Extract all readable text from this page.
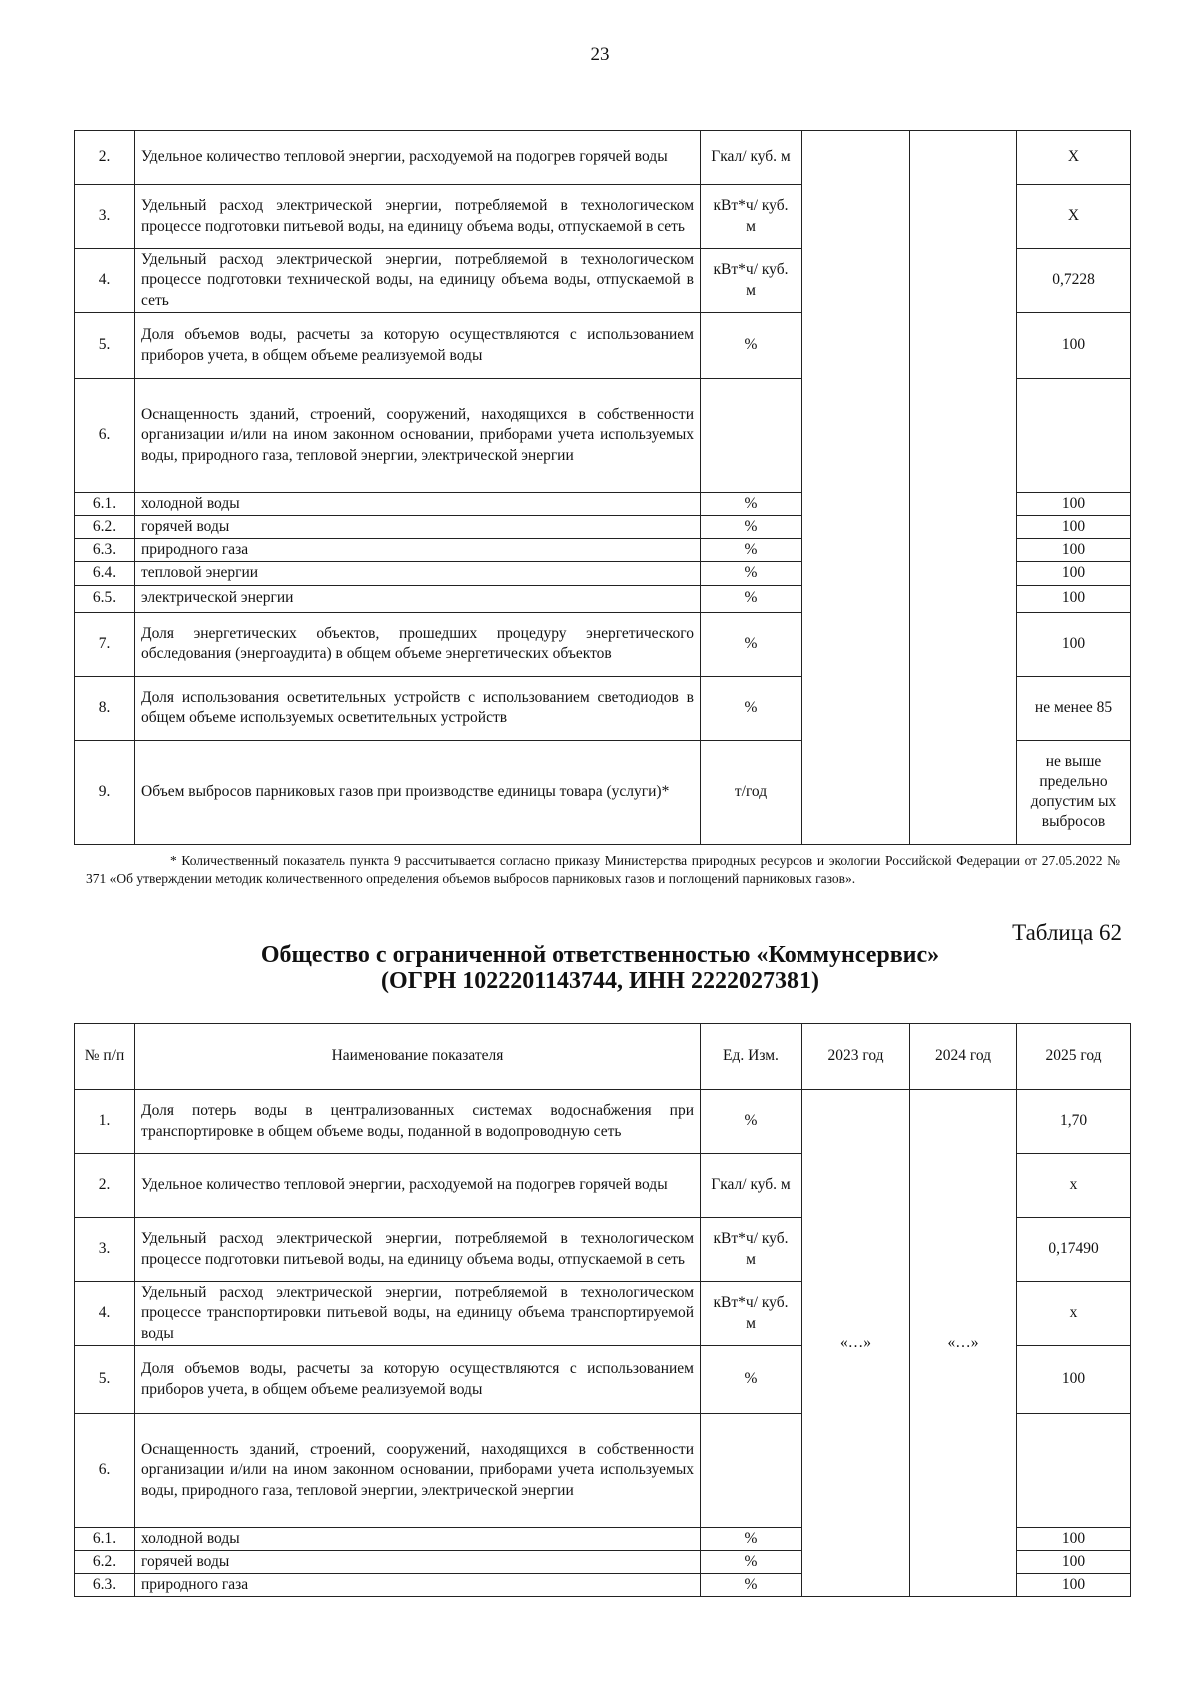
23
2.	Удельное количество тепловой энергии, расходуемой на подогрев горячей воды	Гкал/ куб. м			X
3.	Удельный расход электрической энергии, потребляемой в технологическом процессе подготовки питьевой воды, на единицу объема воды, отпускаемой в сеть	кВт*ч/ куб. м			X
4.	Удельный расход электрической энергии, потребляемой в технологическом процессе подготовки технической воды, на единицу объема воды, отпускаемой в сеть	кВт*ч/ куб. м			0,7228
5.	Доля объемов воды, расчеты за которую осуществляются с использованием приборов учета, в общем объеме реализуемой воды	%			100
6.	Оснащенность зданий, строений, сооружений, находящихся в собственности организации и/или на ином законном основании, приборами учета используемых воды, природного газа, тепловой энергии, электрической энергии				
6.1.	холодной воды	%			100
6.2.	горячей воды	%			100
6.3.	природного газа	%			100
6.4.	тепловой энергии	%			100
6.5.	электрической энергии	%			100
7.	Доля энергетических объектов, прошедших процедуру энергетического обследования (энергоаудита) в общем объеме энергетических объектов	%			100
8.	Доля использования осветительных устройств с использованием светодиодов в общем объеме используемых осветительных устройств	%			не менее 85
9.	Объем выбросов парниковых газов при производстве единицы товара (услуги)*	т/год			не выше предельно допустим ых выбросов
* Количественный показатель пункта 9 рассчитывается согласно приказу Министерства природных ресурсов и экологии Российской Федерации от 27.05.2022 № 371 «Об утверждении методик количественного определения объемов выбросов парниковых газов и поглощений парниковых газов».
Таблица 62
Общество с ограниченной ответственностью «Коммунсервис»
(ОГРН 1022201143744, ИНН 2222027381)
№ п/п	Наименование показателя	Ед. Изм.	2023 год	2024 год	2025 год
1.	Доля потерь воды в централизованных системах водоснабжения при транспортировке в общем объеме воды, поданной в водопроводную сеть	%	«…»	«…»	1,70
2.	Удельное количество тепловой энергии, расходуемой на подогрев горячей воды	Гкал/ куб. м			x
3.	Удельный расход электрической энергии, потребляемой в технологическом процессе подготовки питьевой воды, на единицу объема воды, отпускаемой в сеть	кВт*ч/ куб. м			0,17490
4.	Удельный расход электрической энергии, потребляемой в технологическом процессе транспортировки питьевой воды, на единицу объема транспортируемой воды	кВт*ч/ куб. м			x
5.	Доля объемов воды, расчеты за которую осуществляются с использованием приборов учета, в общем объеме реализуемой воды	%			100
6.	Оснащенность зданий, строений, сооружений, находящихся в собственности организации и/или на ином законном основании, приборами учета используемых воды, природного газа, тепловой энергии, электрической энергии				
6.1.	холодной воды	%			100
6.2.	горячей воды	%			100
6.3.	природного газа	%			100
